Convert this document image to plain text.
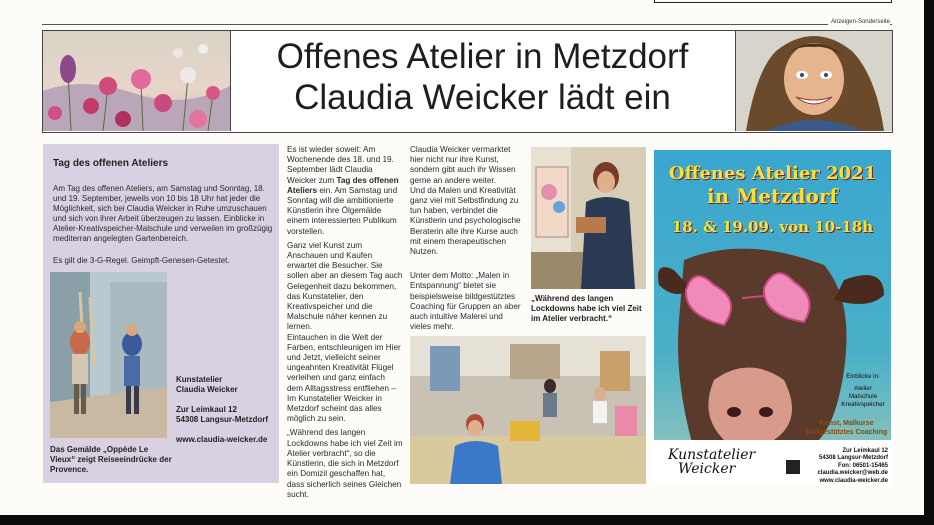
Anzeigen-Sonderseite
Offenes Atelier in Metzdorf
Claudia Weicker lädt ein
Tag des offenen Ateliers

Am Tag des offenen Ateliers, am Samstag und Sonntag, 18. und 19. September, jeweils von 10 bis 18 Uhr hat jeder die Möglichkeit, sich bei Claudia Weicker in Ruhe umzuschauen und sich von ihrer Arbeit überzeugen zu lassen. Einblicke in Atelier-Kreativspeicher-Malschule und verweilen im großzügig mediterran angelegten Gartenbereich.

Es gilt die 3-G-Regel. Geimpft-Genesen-Getestet.

Das Gemälde „Oppède Le Vieux“ zeigt Reiseeindrücke der Provence.

Kunstatelier
Claudia Weicker
Zur Leimkaul 12
54308 Langsur-Metzdorf
www.claudia-weicker.de

Es ist wieder soweit: Am Wochenende des 18. und 19. September lädt Claudia Weicker zum Tag des offenen Ateliers ein. Am Samstag und Sonntag will die ambitionierte Künstlerin ihre Ölgemälde einem interessierten Publikum vorstellen.

Ganz viel Kunst zum Anschauen und Kaufen erwartet die Besucher. Sie sollen aber an diesem Tag auch Gelegenheit dazu bekommen, das Kunstatelier, den Kreativspeicher und die Malschule näher kennen zu lernen.

Eintauchen in die Welt der Farben, entschleunigen im Hier und Jetzt, vielleicht seiner ungeahnten Kreativität Flügel verleihen und ganz einfach dem Alltagsstress entfliehen – Im Kunstatelier Weicker in Metzdorf scheint das alles möglich zu sein.

„Während des langen Lockdowns habe ich viel Zeit im Atelier verbracht“, so die Künstlerin, die sich in Metzdorf ein Domizil geschaffen hat, dass sicherlich seines Gleichen sucht.

Claudia Weicker vermarktet hier nicht nur ihre Kunst, sondern gibt auch ihr Wissen gerne an andere weiter.

Und da Malen und Kreativität ganz viel mit Selbstfindung zu tun haben, verbindet die Künstlerin und psychologische Beraterin alle ihre Kurse auch mit einem therapeutischen Nutzen.

Unter dem Motto: „Malen in Entspannung“ bietet sie beispielsweise bildgestütztes Coaching für Gruppen an aber auch intuitive Malerei und vieles mehr.

„Während des langen Lockdowns habe ich viel Zeit im Atelier verbracht.“

Offenes Atelier 2021
in Metzdorf
18. & 19.09. von 10-18h
Einblicke in:
Atelier
Malschule
Kreativspeicher
Kunst, Malkurse
Bildgestütztes Coaching
Kunstatelier
Weicker
Zur Leimkaul 12
54308 Langsur-Metzdorf
Fon: 06501-15465
claudia.weicker@web.de
www.claudia-weicker.de
